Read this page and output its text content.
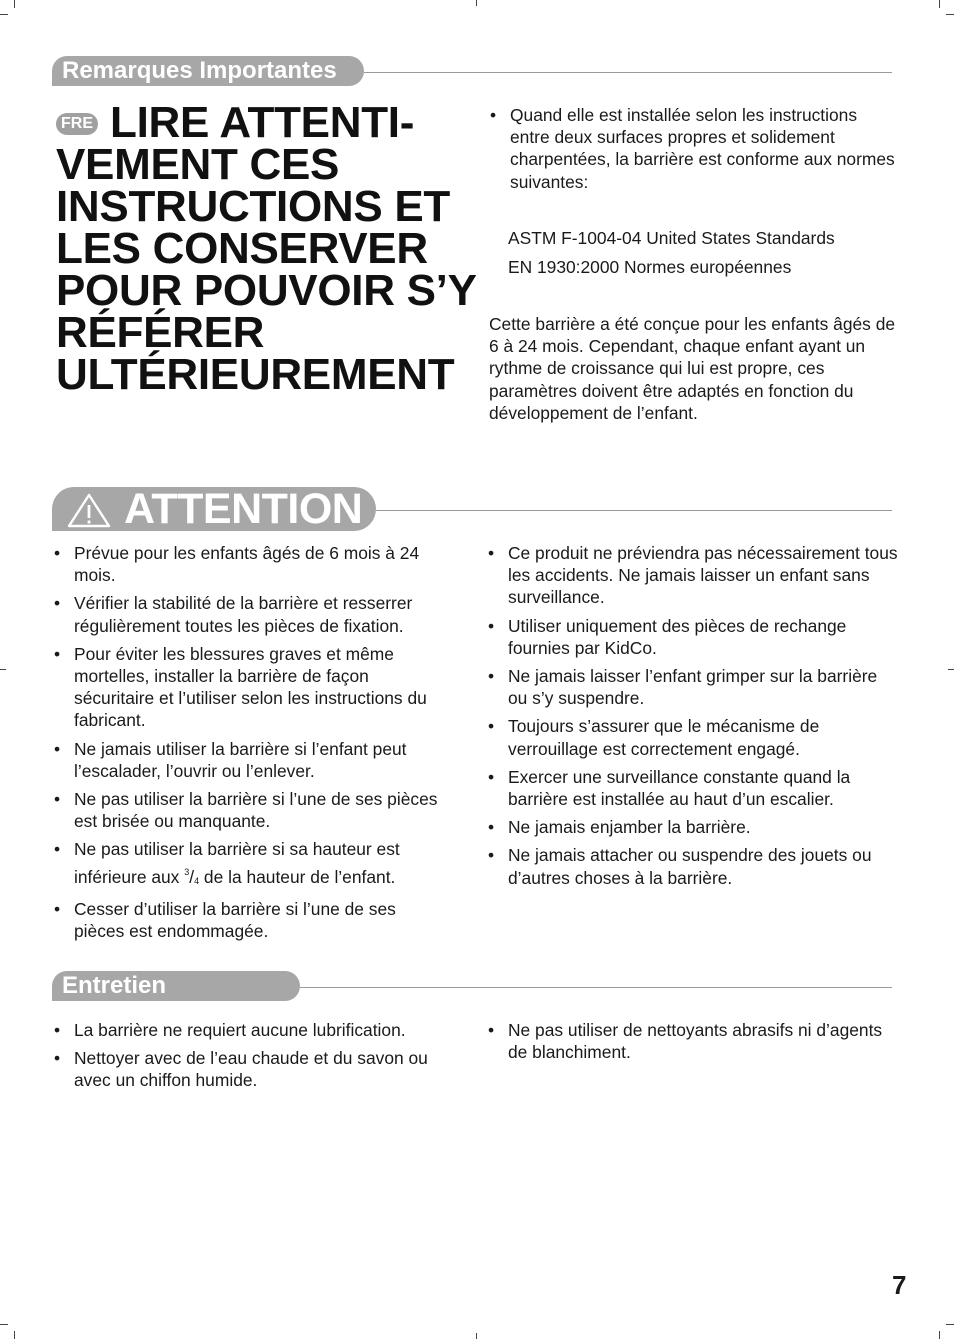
Remarques Importantes
FRE LIRE ATTENTI-VEMENT CES INSTRUCTIONS ET LES CONSERVER POUR POUVOIR S’Y RÉFÉRER ULTÉRIEUREMENT
• Quand elle est installée selon les instructions entre deux surfaces propres et solidement charpentées, la barrière est conforme aux normes suivantes:
ASTM F-1004-04 United States Standards
EN 1930:2000 Normes européennes
Cette barrière a été conçue pour les enfants âgés de 6 à 24 mois. Cependant, chaque enfant ayant un rythme de croissance qui lui est propre, ces paramètres doivent être adaptés en fonction du développement de l’enfant.
ATTENTION
• Prévue pour les enfants âgés de 6 mois à 24 mois.
• Vérifier la stabilité de la barrière et resserrer régulièrement toutes les pièces de fixation.
• Pour éviter les blessures graves et même mortelles, installer la barrière de façon sécuritaire et l’utiliser selon les instructions du fabricant.
• Ne jamais utiliser la barrière si l’enfant peut l’escalader, l’ouvrir ou l’enlever.
• Ne pas utiliser la barrière si l’une de ses pièces est brisée ou manquante.
• Ne pas utiliser la barrière si sa hauteur est inférieure aux $^3/_4$ de la hauteur de l’enfant.
• Cesser d’utiliser la barrière si l’une de ses pièces est endommagée.
• Ce produit ne préviendra pas nécessairement tous les accidents. Ne jamais laisser un enfant sans surveillance.
• Utiliser uniquement des pièces de rechange fournies par KidCo.
• Ne jamais laisser l’enfant grimper sur la barrière ou s’y suspendre.
• Toujours s’assurer que le mécanisme de verrouillage est correctement engagé.
• Exercer une surveillance constante quand la barrière est installée au haut d’un escalier.
• Ne jamais enjamber la barrière.
• Ne jamais attacher ou suspendre des jouets ou d’autres choses à la barrière.
Entretien
• La barrière ne requiert aucune lubrification.
• Nettoyer avec de l’eau chaude et du savon ou avec un chiffon humide.
• Ne pas utiliser de nettoyants abrasifs ni d’agents de blanchiment.
7
